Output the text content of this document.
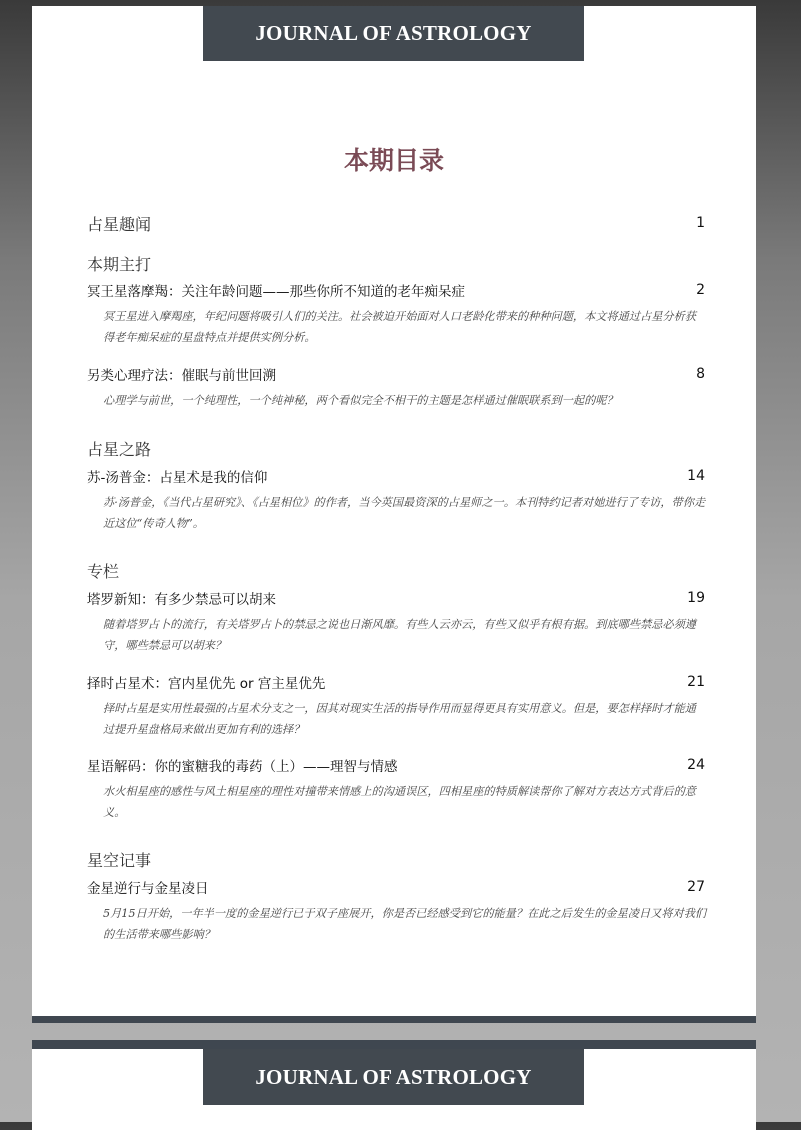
JOURNAL OF ASTROLOGY
本期目录
占星趣闻	1
本期主打
冥王星落摩羯：关注年龄问题——那些你所不知道的老年痴呆症	2
冥王星进入摩羯座，年纪问题将吸引人们的关注。社会被迫开始面对人口老龄化带来的种种问题，本文将通过占星分析获得老年痴呆症的星盘特点并提供实例分析。
另类心理疗法：催眠与前世回溯	8
心理学与前世，一个纯理性，一个纯神秘，两个看似完全不相干的主题是怎样通过催眠联系到一起的呢？
占星之路
苏-汤普金：占星术是我的信仰	14
苏·汤普金，《当代占星研究》、《占星相位》的作者，当今英国最资深的占星师之一。本刊特约记者对她进行了专访，带你走近这位“传奇人物”。
专栏
塔罗新知：有多少禁忌可以胡来	19
随着塔罗占卜的流行，有关塔罗占卜的禁忌之说也日渐风靡。有些人云亦云，有些又似乎有根有据。到底哪些禁忌必须遵守，哪些禁忌可以胡来？
择时占星术：宫内星优先 or 宫主星优先	21
择时占星是实用性最强的占星术分支之一，因其对现实生活的指导作用而显得更具有实用意义。但是，要怎样择时才能通过提升星盘格局来做出更加有利的选择？
星语解码：你的蜜糖我的毒药（上）——理智与情感	24
水火相星座的感性与风土相星座的理性对撞带来情感上的沟通误区，四相星座的特质解读帮你了解对方表达方式背后的意义。
星空记事
金星逆行与金星凌日	27
5月15日开始，一年半一度的金星逆行已于双子座展开，你是否已经感受到它的能量？在此之后发生的金星凌日又将对我们的生活带来哪些影响？
JOURNAL OF ASTROLOGY
